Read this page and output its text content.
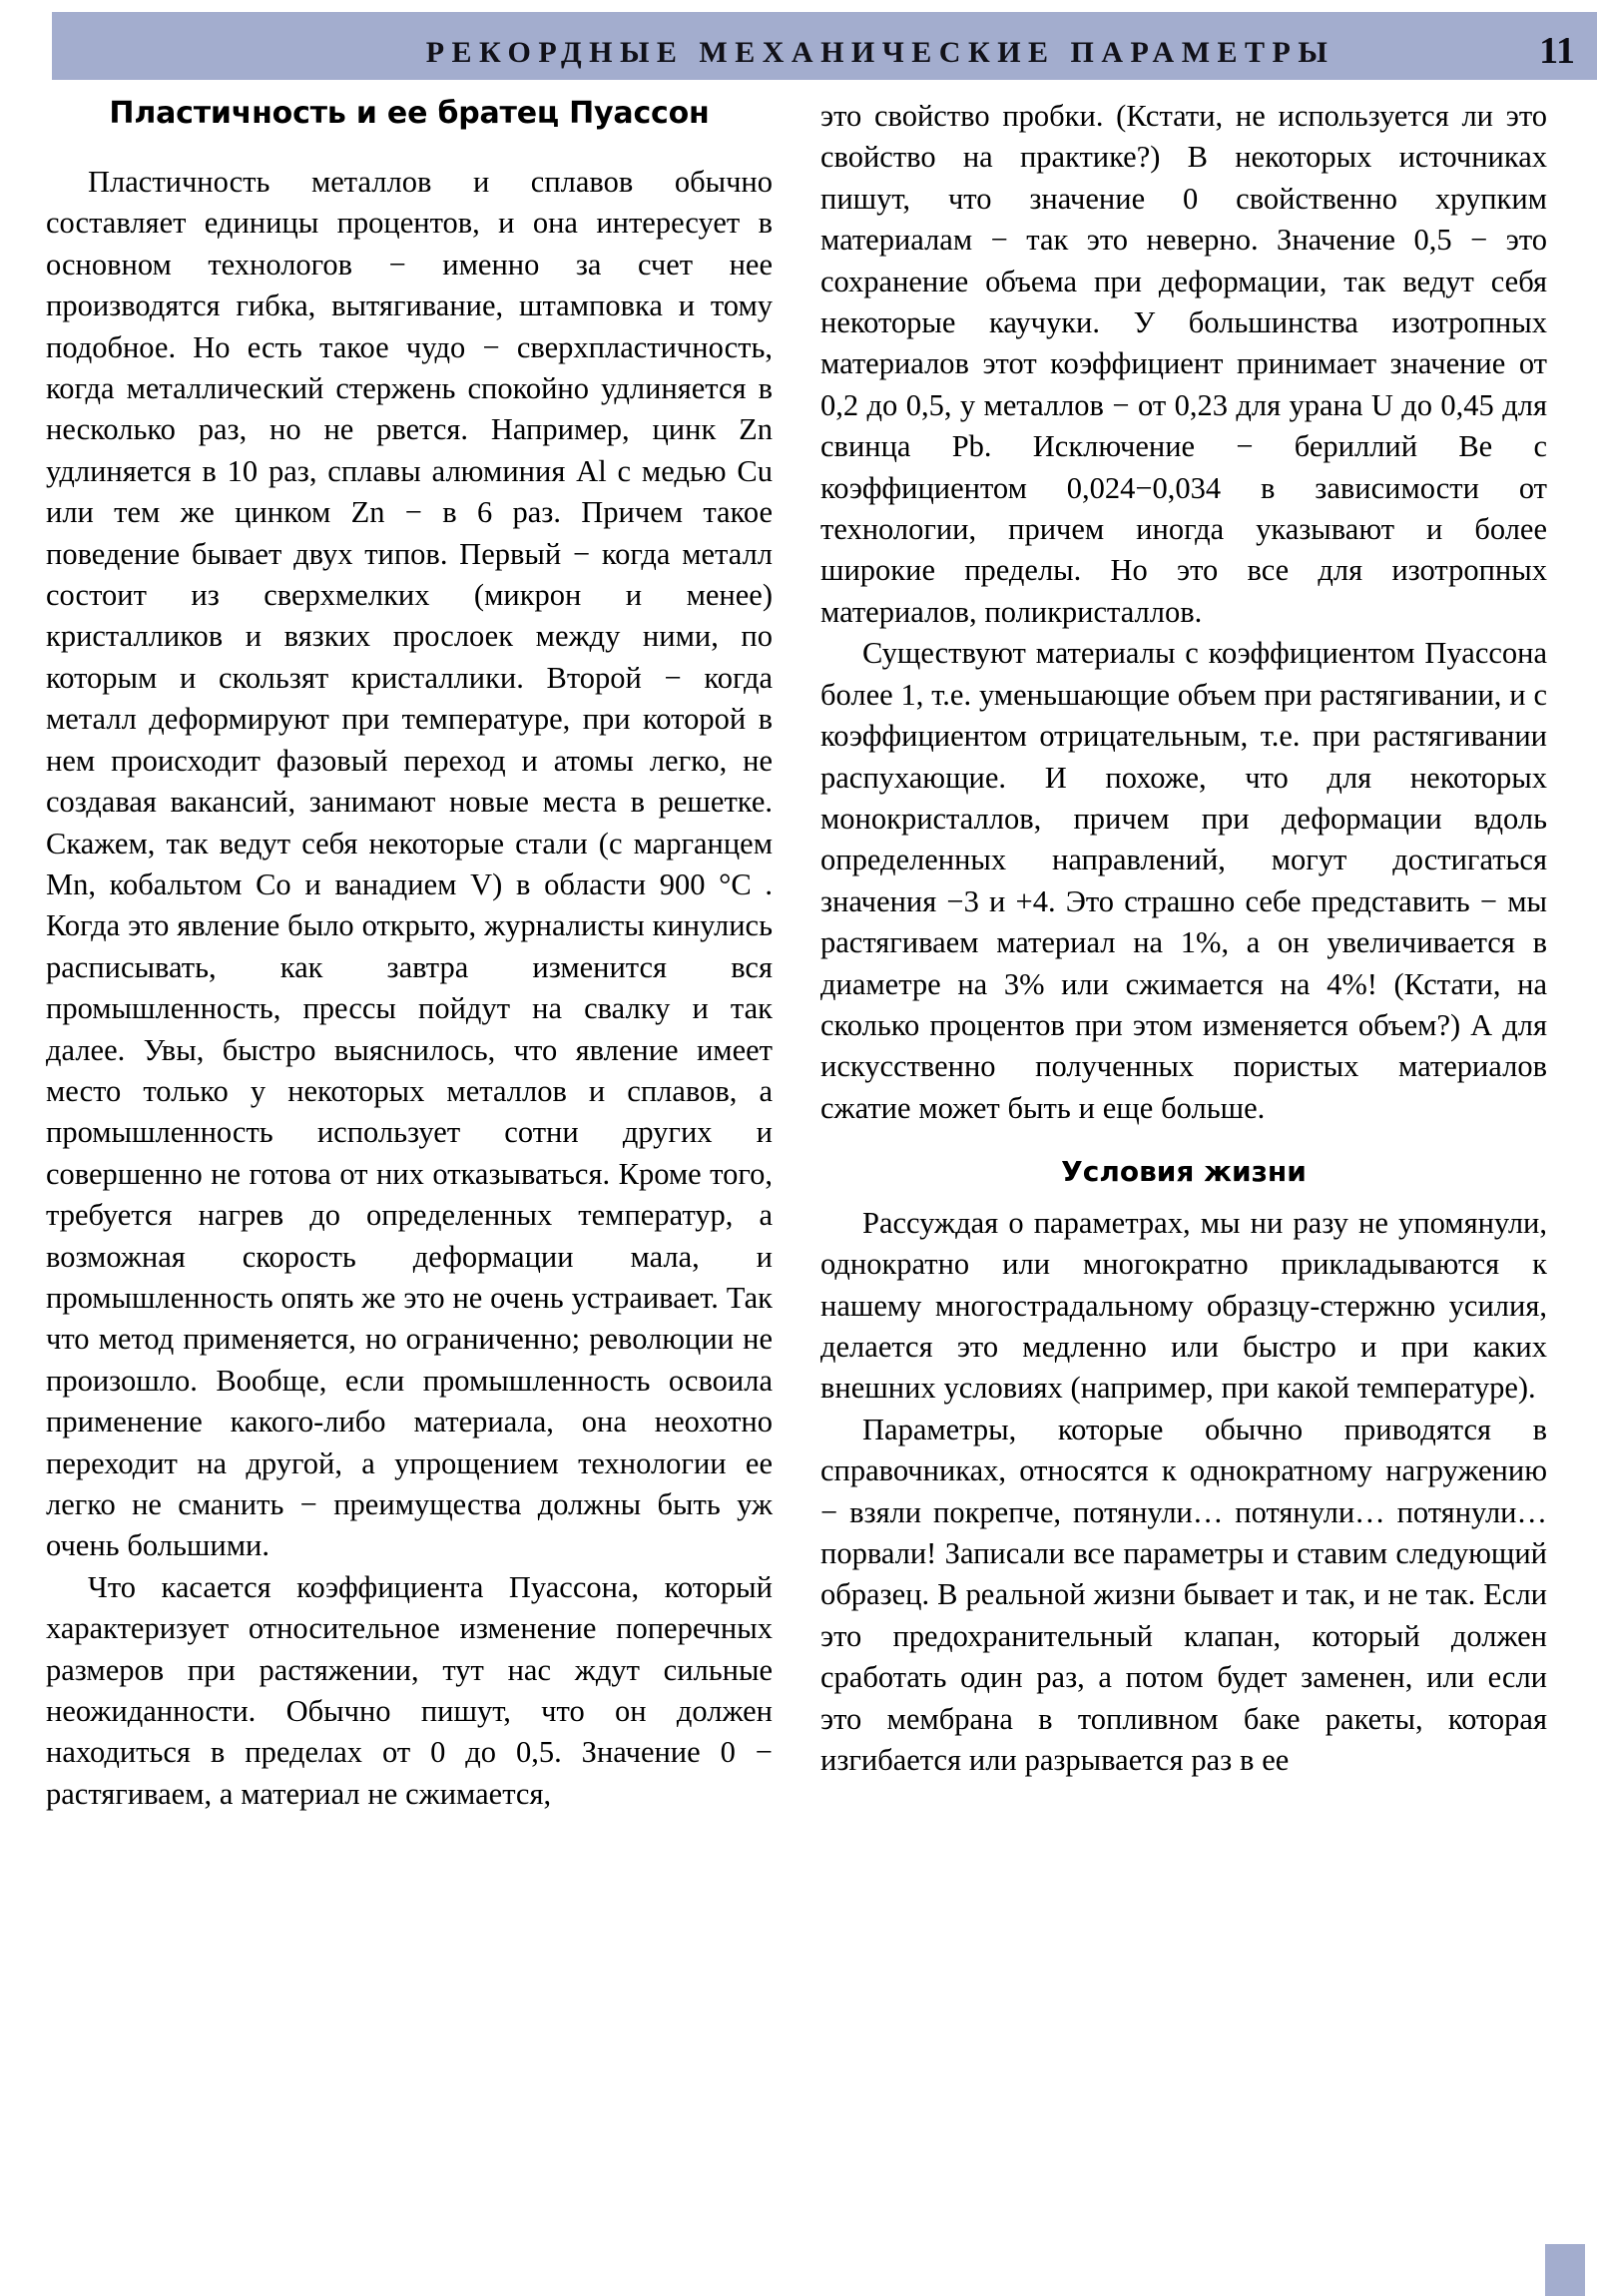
РЕКОРДНЫЕ МЕХАНИЧЕСКИЕ ПАРАМЕТРЫ	11
Пластичность и ее братец Пуассон

Пластичность металлов и сплавов обычно составляет единицы процентов, и она интересует в основном технологов − именно за счет нее производятся гибка, вытягивание, штамповка и тому подобное. Но есть такое чудо − сверхпластичность, когда металлический стержень спокойно удлиняется в несколько раз, но не рвется. Например, цинк Zn удлиняется в 10 раз, сплавы алюминия Al с медью Cu или тем же цинком Zn − в 6 раз. Причем такое поведение бывает двух типов. Первый − когда металл состоит из сверхмелких (микрон и менее) кристалликов и вязких прослоек между ними, по которым и скользят кристаллики. Второй − когда металл деформируют при температуре, при которой в нем происходит фазовый переход и атомы легко, не создавая вакансий, занимают новые места в решетке. Скажем, так ведут себя некоторые стали (с марганцем Mn, кобальтом Co и ванадием V) в области 900 °C . Когда это явление было открыто, журналисты кинулись расписывать, как завтра изменится вся промышленность, прессы пойдут на свалку и так далее. Увы, быстро выяснилось, что явление имеет место только у некоторых металлов и сплавов, а промышленность использует сотни других и совершенно не готова от них отказываться. Кроме того, требуется нагрев до определенных температур, а возможная скорость деформации мала, и промышленность опять же это не очень устраивает. Так что метод применяется, но ограниченно; революции не произошло. Вообще, если промышленность освоила применение какого-либо материала, она неохотно переходит на другой, а упрощением технологии ее легко не сманить − преимущества должны быть уж очень большими.

Что касается коэффициента Пуассона, который характеризует относительное изменение поперечных размеров при растяжении, тут нас ждут сильные неожиданности. Обычно пишут, что он должен находиться в пределах от 0 до 0,5. Значение 0 − растягиваем, а материал не сжимается,

это свойство пробки. (Кстати, не используется ли это свойство на практике?) В некоторых источниках пишут, что значение 0 свойственно хрупким материалам − так это неверно. Значение 0,5 − это сохранение объема при деформации, так ведут себя некоторые каучуки. У большинства изотропных материалов этот коэффициент принимает значение от 0,2 до 0,5, у металлов − от 0,23 для урана U до 0,45 для свинца Pb. Исключение − бериллий Be с коэффициентом 0,024−0,034 в зависимости от технологии, причем иногда указывают и более широкие пределы. Но это все для изотропных материалов, поликристаллов.

Существуют материалы с коэффициентом Пуассона более 1, т.е. уменьшающие объем при растягивании, и с коэффициентом отрицательным, т.е. при растягивании распухающие. И похоже, что для некоторых монокристаллов, причем при деформации вдоль определенных направлений, могут достигаться значения −3 и +4. Это страшно себе представить − мы растягиваем материал на 1%, а он увеличивается в диаметре на 3% или сжимается на 4%! (Кстати, на сколько процентов при этом изменяется объем?) А для искусственно полученных пористых материалов сжатие может быть и еще больше.

Условия жизни

Рассуждая о параметрах, мы ни разу не упомянули, однократно или многократно прикладываются к нашему многострадальному образцу-стержню усилия, делается это медленно или быстро и при каких внешних условиях (например, при какой температуре).

Параметры, которые обычно приводятся в справочниках, относятся к однократному нагружению − взяли покрепче, потянули… потянули… потянули… порвали! Записали все параметры и ставим следующий образец. В реальной жизни бывает и так, и не так. Если это предохранительный клапан, который должен сработать один раз, а потом будет заменен, или если это мембрана в топливном баке ракеты, которая изгибается или разрывается раз в ее
